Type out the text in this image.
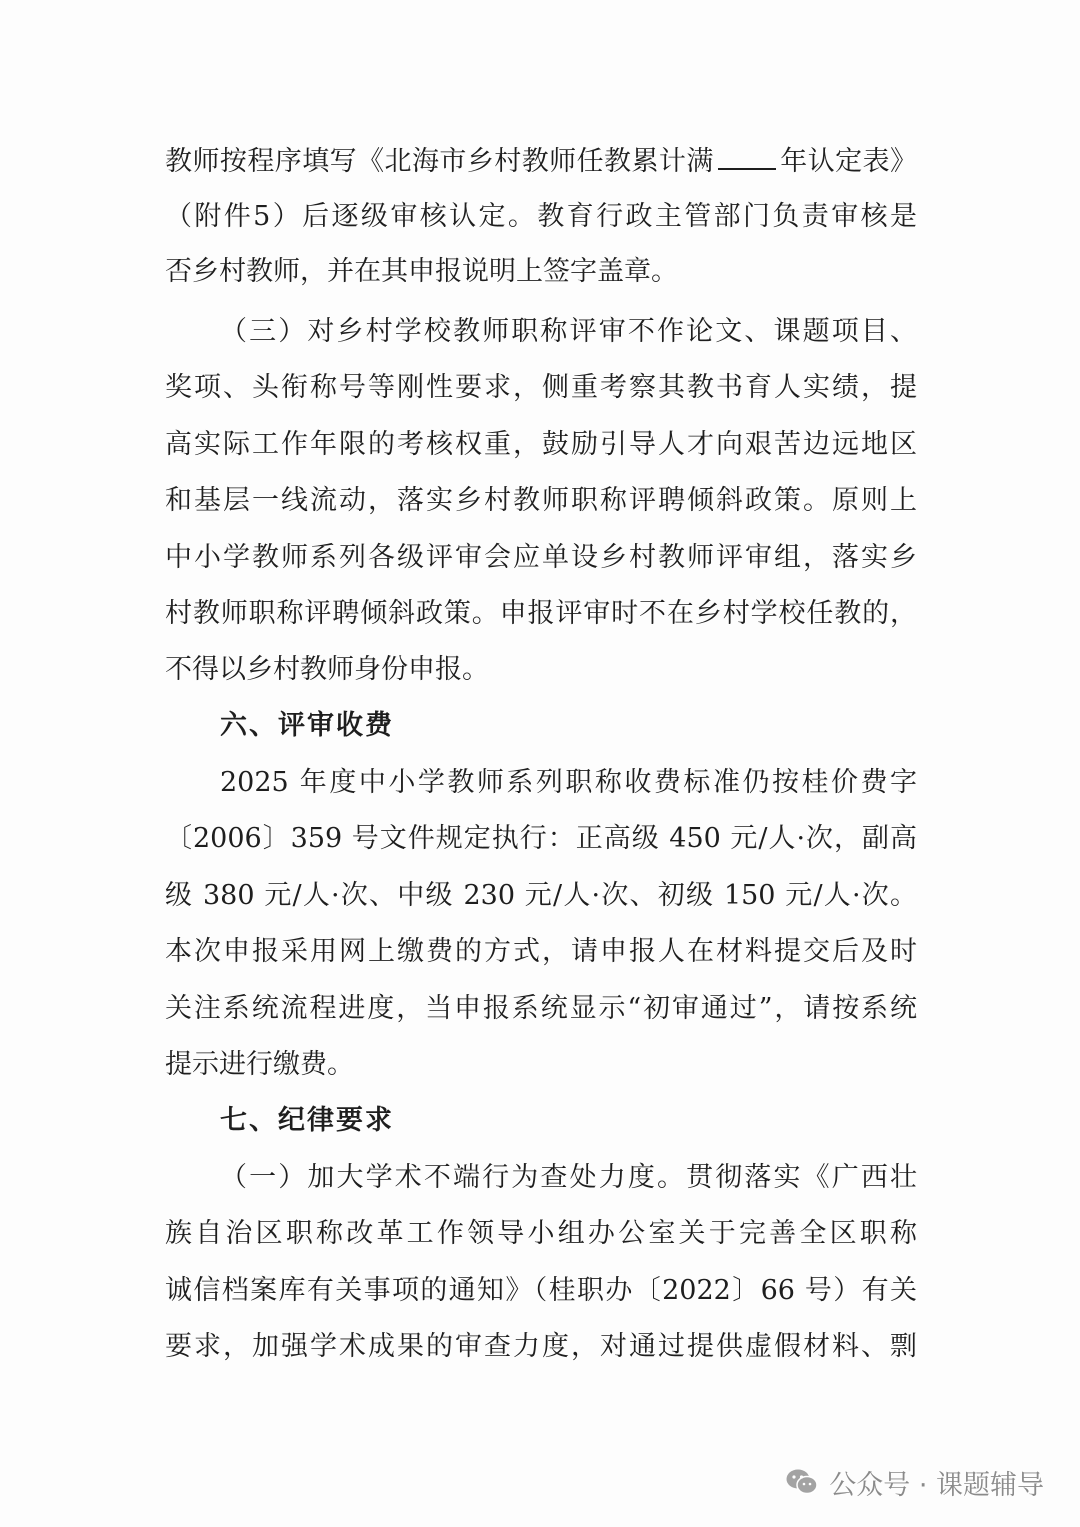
教师按程序填写《北海市乡村教师任教累计满 年认定表》
（附件5）后逐级审核认定。教育行政主管部门负责审核是
否乡村教师，并在其申报说明上签字盖章。
（三）对乡村学校教师职称评审不作论文、课题项目、
奖项、头衔称号等刚性要求，侧重考察其教书育人实绩，提
高实际工作年限的考核权重，鼓励引导人才向艰苦边远地区
和基层一线流动，落实乡村教师职称评聘倾斜政策。原则上
中小学教师系列各级评审会应单设乡村教师评审组，落实乡
村教师职称评聘倾斜政策。申报评审时不在乡村学校任教的，
不得以乡村教师身份申报。
六、评审收费
2025 年度中小学教师系列职称收费标准仍按桂价费字
〔2006〕359 号文件规定执行：正高级 450 元/人·次，副高
级 380 元/人·次、中级 230 元/人·次、初级 150 元/人·次。
本次申报采用网上缴费的方式，请申报人在材料提交后及时
关注系统流程进度，当申报系统显示“初审通过”，请按系统
提示进行缴费。
七、纪律要求
（一）加大学术不端行为查处力度。贯彻落实《广西壮
族自治区职称改革工作领导小组办公室关于完善全区职称
诚信档案库有关事项的通知》（桂职办〔2022〕66 号）有关
要求，加强学术成果的审查力度，对通过提供虚假材料、剽
公众号 · 课题辅导
